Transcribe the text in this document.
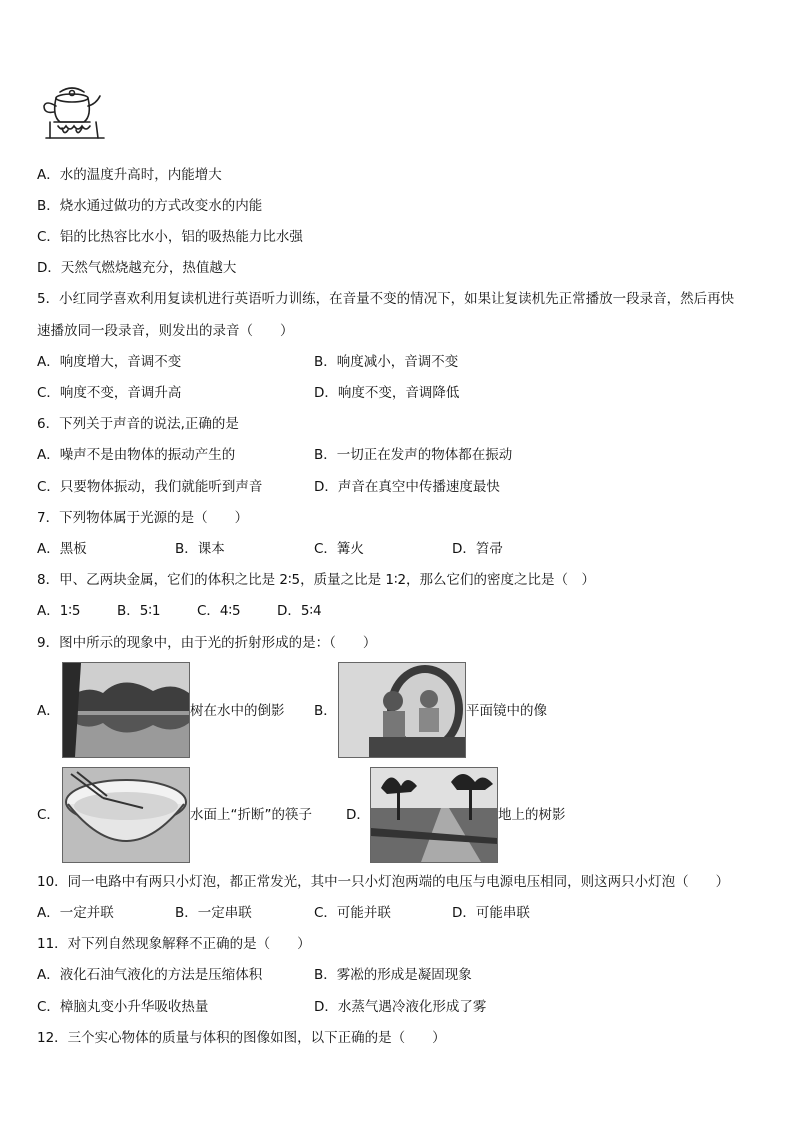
A．水的温度升高时，内能增大
B．烧水通过做功的方式改变水的内能
C．铝的比热容比水小，铝的吸热能力比水强
D．天然气燃烧越充分，热值越大
5．小红同学喜欢利用复读机进行英语听力训练，在音量不变的情况下，如果让复读机先正常播放一段录音，然后再快
速播放同一段录音，则发出的录音（　　）
A．响度增大，音调不变	B．响度减小，音调不变
C．响度不变，音调升高	D．响度不变，音调降低
6．下列关于声音的说法,正确的是
A．噪声不是由物体的振动产生的	B．一切正在发声的物体都在振动
C．只要物体振动，我们就能听到声音	D．声音在真空中传播速度最快
7．下列物体属于光源的是（　　）
A．黑板	B．课本	C．篝火	D．笤帚
8．甲、乙两块金属，它们的体积之比是 2∶5，质量之比是 1∶2，那么它们的密度之比是（　）
A．1∶5	B．5∶1	C．4∶5	D．5∶4
9．图中所示的现象中，由于光的折射形成的是：（　　）
A．	树在水中的倒影 B．	平面镜中的像
C．	水面上“折断”的筷子	D．	地上的树影
10．同一电路中有两只小灯泡，都正常发光，其中一只小灯泡两端的电压与电源电压相同，则这两只小灯泡（　　）
A．一定并联	B．一定串联	C．可能并联	D．可能串联
11．对下列自然现象解释不正确的是（　　）
A．液化石油气液化的方法是压缩体积	B．雾凇的形成是凝固现象
C．樟脑丸变小升华吸收热量	D．水蒸气遇冷液化形成了雾
12．三个实心物体的质量与体积的图像如图，以下正确的是（　　）
